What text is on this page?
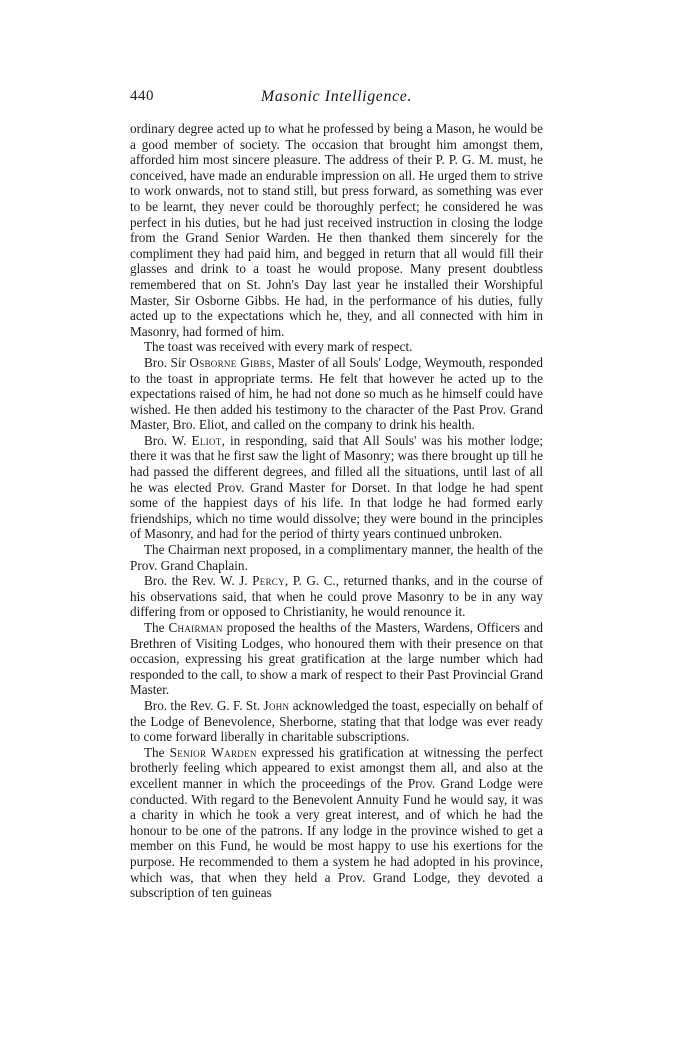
440	Masonic Intelligence.

ordinary degree acted up to what he professed by being a Mason, he would be a good member of society. The occasion that brought him amongst them, afforded him most sincere pleasure. The address of their P. P. G. M. must, he conceived, have made an endurable impression on all. He urged them to strive to work onwards, not to stand still, but press forward, as something was ever to be learnt, they never could be thoroughly perfect; he considered he was perfect in his duties, but he had just received instruction in closing the lodge from the Grand Senior Warden. He then thanked them sincerely for the compliment they had paid him, and begged in return that all would fill their glasses and drink to a toast he would propose. Many present doubtless remembered that on St. John's Day last year he installed their Worshipful Master, Sir Osborne Gibbs. He had, in the performance of his duties, fully acted up to the expectations which he, they, and all connected with him in Masonry, had formed of him.

The toast was received with every mark of respect.

Bro. Sir Osborne Gibbs, Master of all Souls' Lodge, Weymouth, responded to the toast in appropriate terms. He felt that however he acted up to the expectations raised of him, he had not done so much as he himself could have wished. He then added his testimony to the character of the Past Prov. Grand Master, Bro. Eliot, and called on the company to drink his health.

Bro. W. Eliot, in responding, said that All Souls' was his mother lodge; there it was that he first saw the light of Masonry; was there brought up till he had passed the different degrees, and filled all the situations, until last of all he was elected Prov. Grand Master for Dorset. In that lodge he had spent some of the happiest days of his life. In that lodge he had formed early friendships, which no time would dissolve; they were bound in the principles of Masonry, and had for the period of thirty years continued unbroken.

The Chairman next proposed, in a complimentary manner, the health of the Prov. Grand Chaplain.

Bro. the Rev. W. J. Percy, P. G. C., returned thanks, and in the course of his observations said, that when he could prove Masonry to be in any way differing from or opposed to Christianity, he would renounce it.

The Chairman proposed the healths of the Masters, Wardens, Officers and Brethren of Visiting Lodges, who honoured them with their presence on that occasion, expressing his great gratification at the large number which had responded to the call, to show a mark of respect to their Past Provincial Grand Master.

Bro. the Rev. G. F. St. John acknowledged the toast, especially on behalf of the Lodge of Benevolence, Sherborne, stating that that lodge was ever ready to come forward liberally in charitable subscriptions.

The Senior Warden expressed his gratification at witnessing the perfect brotherly feeling which appeared to exist amongst them all, and also at the excellent manner in which the proceedings of the Prov. Grand Lodge were conducted. With regard to the Benevolent Annuity Fund he would say, it was a charity in which he took a very great interest, and of which he had the honour to be one of the patrons. If any lodge in the province wished to get a member on this Fund, he would be most happy to use his exertions for the purpose. He recommended to them a system he had adopted in his province, which was, that when they held a Prov. Grand Lodge, they devoted a subscription of ten guineas
